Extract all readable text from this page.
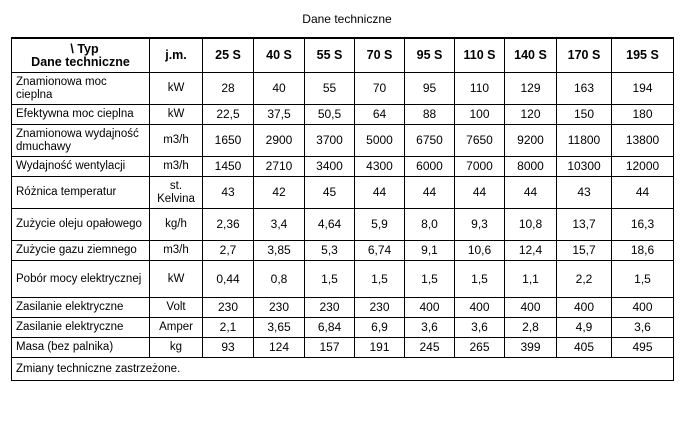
Dane techniczne
\ Typ
Dane techniczne	j.m.	25 S	40 S	55 S	70 S	95 S	110 S	140 S	170 S	195 S
Znamionowa moc cieplna	kW	28	40	55	70	95	110	129	163	194
Efektywna moc cieplna	kW	22,5	37,5	50,5	64	88	100	120	150	180
Znamionowa wydajność dmuchawy	m3/h	1650	2900	3700	5000	6750	7650	9200	11800	13800
Wydajność wentylacji	m3/h	1450	2710	3400	4300	6000	7000	8000	10300	12000
Różnica temperatur	st. Kelvina	43	42	45	44	44	44	44	43	44
Zużycie oleju opałowego	kg/h	2,36	3,4	4,64	5,9	8,0	9,3	10,8	13,7	16,3
Zużycie gazu ziemnego	m3/h	2,7	3,85	5,3	6,74	9,1	10,6	12,4	15,7	18,6
Pobór mocy elektrycznej	kW	0,44	0,8	1,5	1,5	1,5	1,5	1,1	2,2	1,5
Zasilanie elektryczne	Volt	230	230	230	230	400	400	400	400	400
Zasilanie elektryczne	Amper	2,1	3,65	6,84	6,9	3,6	3,6	2,8	4,9	3,6
Masa (bez palnika)	kg	93	124	157	191	245	265	399	405	495
Zmiany techniczne zastrzeżone.										
